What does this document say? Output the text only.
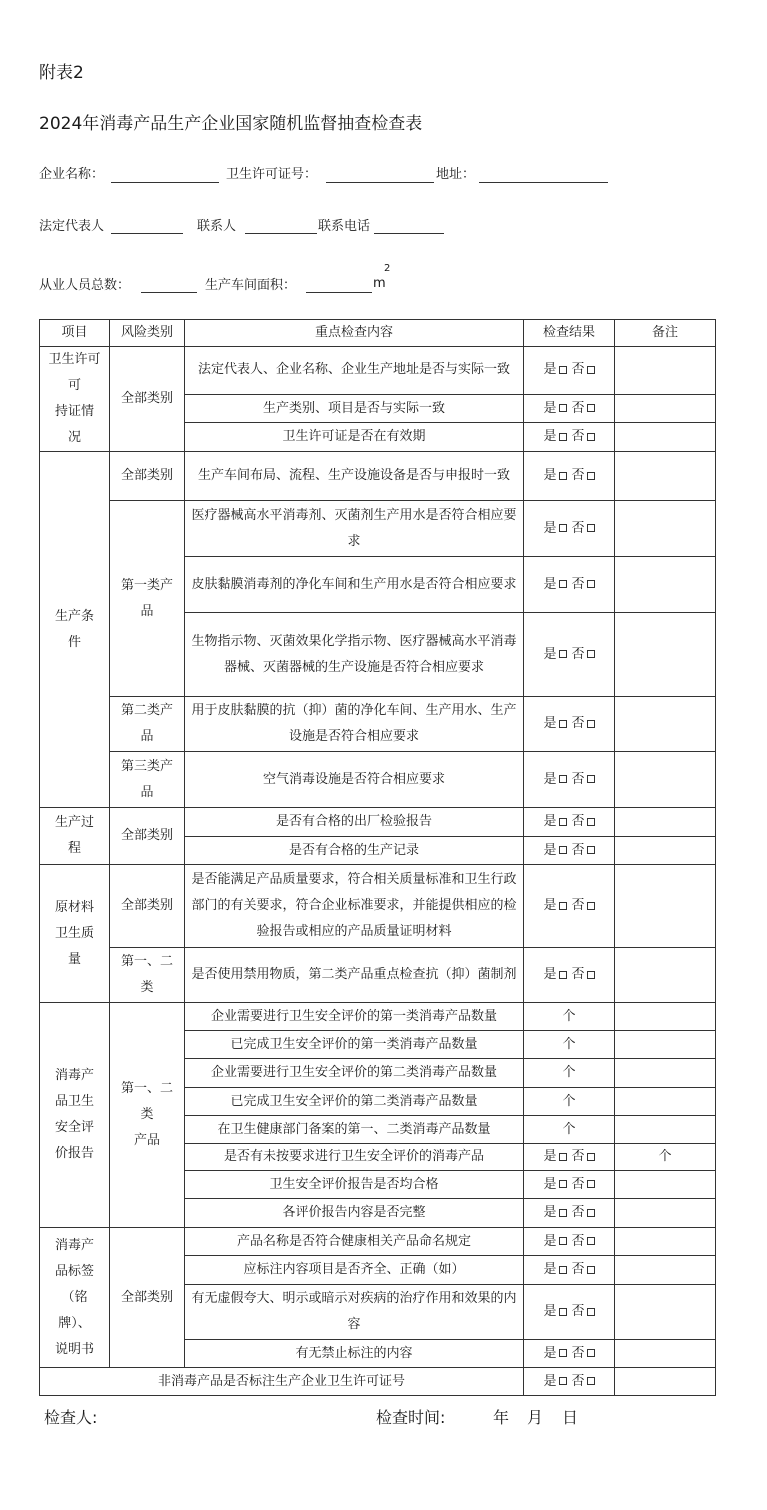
附表2
2024年消毒产品生产企业国家随机监督抽查检查表
企业名称：	卫生许可证号：	地址：
法定代表人	联系人	联系电话
从业人员总数：	生产车间面积：	m
2
项目	风险类别	重点检查内容	检查结果	备注
卫生许可
可
持证情
况	全部类别	法定代表人、企业名称、企业生产地址是否与实际一致	是 否	
		生产类别、项目是否与实际一致	是 否	
		卫生许可证是否在有效期	是 否	
生产条
件	全部类别	生产车间布局、流程、生产设施设备是否与申报时一致	是 否	
	第一类产
品	医疗器械高水平消毒剂、灭菌剂生产用水是否符合相应要求	是 否	
		皮肤黏膜消毒剂的净化车间和生产用水是否符合相应要求	是 否	
		生物指示物、灭菌效果化学指示物、医疗器械高水平消毒器械、灭菌器械的生产设施是否符合相应要求	是 否	
	第二类产
品	用于皮肤黏膜的抗（抑）菌的净化车间、生产用水、生产设施是否符合相应要求	是 否	
	第三类产
品	空气消毒设施是否符合相应要求	是 否	
生产过
程	全部类别	是否有合格的出厂检验报告	是 否	
		是否有合格的生产记录	是 否	
原材料
卫生质
量	全部类别	是否能满足产品质量要求，符合相关质量标准和卫生行政部门的有关要求，符合企业标准要求，并能提供相应的检验报告或相应的产品质量证明材料	是 否	
	第一、二
类	是否使用禁用物质，第二类产品重点检查抗（抑）菌制剂	是 否	
消毒产
品卫生
安全评
价报告	第一、二
类
产品	企业需要进行卫生安全评价的第一类消毒产品数量	个	
		已完成卫生安全评价的第一类消毒产品数量	个	
		企业需要进行卫生安全评价的第二类消毒产品数量	个	
		已完成卫生安全评价的第二类消毒产品数量	个	
		在卫生健康部门备案的第一、二类消毒产品数量	个	
		是否有未按要求进行卫生安全评价的消毒产品	是 否	个
		卫生安全评价报告是否均合格	是 否	
		各评价报告内容是否完整	是 否	
消毒产
品标签
（铭
牌）、
说明书	全部类别	产品名称是否符合健康相关产品命名规定	是 否	
		应标注内容项目是否齐全、正确（如）	是 否	
		有无虚假夸大、明示或暗示对疾病的治疗作用和效果的内容	是 否	
		有无禁止标注的内容	是 否	
非消毒产品是否标注生产企业卫生许可证号			是 否	
检查人:	检查时间:	年 月 日
